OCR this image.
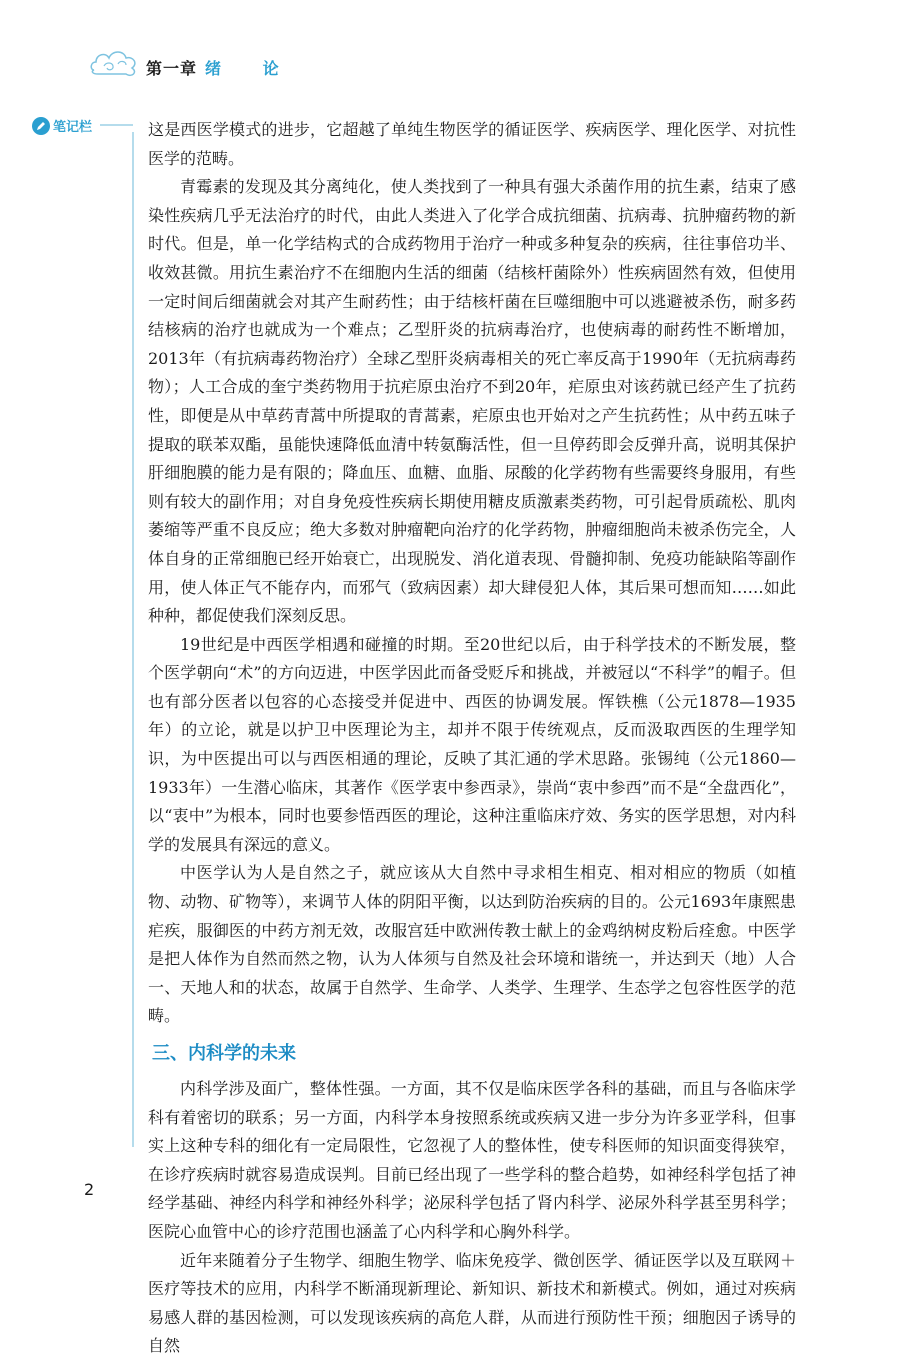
第一章 绪 论
笔记栏	这是西医学模式的进步，它超越了单纯生物医学的循证医学、疾病医学、理化医学、对抗性医学的范畴。

青霉素的发现及其分离纯化，使人类找到了一种具有强大杀菌作用的抗生素，结束了感染性疾病几乎无法治疗的时代，由此人类进入了化学合成抗细菌、抗病毒、抗肿瘤药物的新时代。但是，单一化学结构式的合成药物用于治疗一种或多种复杂的疾病，往往事倍功半、收效甚微。用抗生素治疗不在细胞内生活的细菌（结核杆菌除外）性疾病固然有效，但使用一定时间后细菌就会对其产生耐药性；由于结核杆菌在巨噬细胞中可以逃避被杀伤，耐多药结核病的治疗也就成为一个难点；乙型肝炎的抗病毒治疗，也使病毒的耐药性不断增加，2013年（有抗病毒药物治疗）全球乙型肝炎病毒相关的死亡率反高于1990年（无抗病毒药物）；人工合成的奎宁类药物用于抗疟原虫治疗不到20年，疟原虫对该药就已经产生了抗药性，即便是从中草药青蒿中所提取的青蒿素，疟原虫也开始对之产生抗药性；从中药五味子提取的联苯双酯，虽能快速降低血清中转氨酶活性，但一旦停药即会反弹升高，说明其保护肝细胞膜的能力是有限的；降血压、血糖、血脂、尿酸的化学药物有些需要终身服用，有些则有较大的副作用；对自身免疫性疾病长期使用糖皮质激素类药物，可引起骨质疏松、肌肉萎缩等严重不良反应；绝大多数对肿瘤靶向治疗的化学药物，肿瘤细胞尚未被杀伤完全，人体自身的正常细胞已经开始衰亡，出现脱发、消化道表现、骨髓抑制、免疫功能缺陷等副作用，使人体正气不能存内，而邪气（致病因素）却大肆侵犯人体，其后果可想而知……如此种种，都促使我们深刻反思。

19世纪是中西医学相遇和碰撞的时期。至20世纪以后，由于科学技术的不断发展，整个医学朝向“术”的方向迈进，中医学因此而备受贬斥和挑战，并被冠以“不科学”的帽子。但也有部分医者以包容的心态接受并促进中、西医的协调发展。恽铁樵（公元1878—1935年）的立论，就是以护卫中医理论为主，却并不限于传统观点，反而汲取西医的生理学知识，为中医提出可以与西医相通的理论，反映了其汇通的学术思路。张锡纯（公元1860—1933年）一生潜心临床，其著作《医学衷中参西录》，崇尚“衷中参西”而不是“全盘西化”，以“衷中”为根本，同时也要参悟西医的理论，这种注重临床疗效、务实的医学思想，对内科学的发展具有深远的意义。

中医学认为人是自然之子，就应该从大自然中寻求相生相克、相对相应的物质（如植物、动物、矿物等），来调节人体的阴阳平衡，以达到防治疾病的目的。公元1693年康熙患疟疾，服御医的中药方剂无效，改服宫廷中欧洲传教士献上的金鸡纳树皮粉后痊愈。中医学是把人体作为自然而然之物，认为人体须与自然及社会环境和谐统一，并达到天（地）人合一、天地人和的状态，故属于自然学、生命学、人类学、生理学、生态学之包容性医学的范畴。

三、内科学的未来

内科学涉及面广，整体性强。一方面，其不仅是临床医学各科的基础，而且与各临床学科有着密切的联系；另一方面，内科学本身按照系统或疾病又进一步分为许多亚学科，但事实上这种专科的细化有一定局限性，它忽视了人的整体性，使专科医师的知识面变得狭窄，在诊疗疾病时就容易造成误判。目前已经出现了一些学科的整合趋势，如神经科学包括了神经学基础、神经内科学和神经外科学；泌尿科学包括了肾内科学、泌尿外科学甚至男科学；医院心血管中心的诊疗范围也涵盖了心内科学和心胸外科学。

近年来随着分子生物学、细胞生物学、临床免疫学、微创医学、循证医学以及互联网＋医疗等技术的应用，内科学不断涌现新理论、新知识、新技术和新模式。例如，通过对疾病易感人群的基因检测，可以发现该疾病的高危人群，从而进行预防性干预；细胞因子诱导的自然

2
